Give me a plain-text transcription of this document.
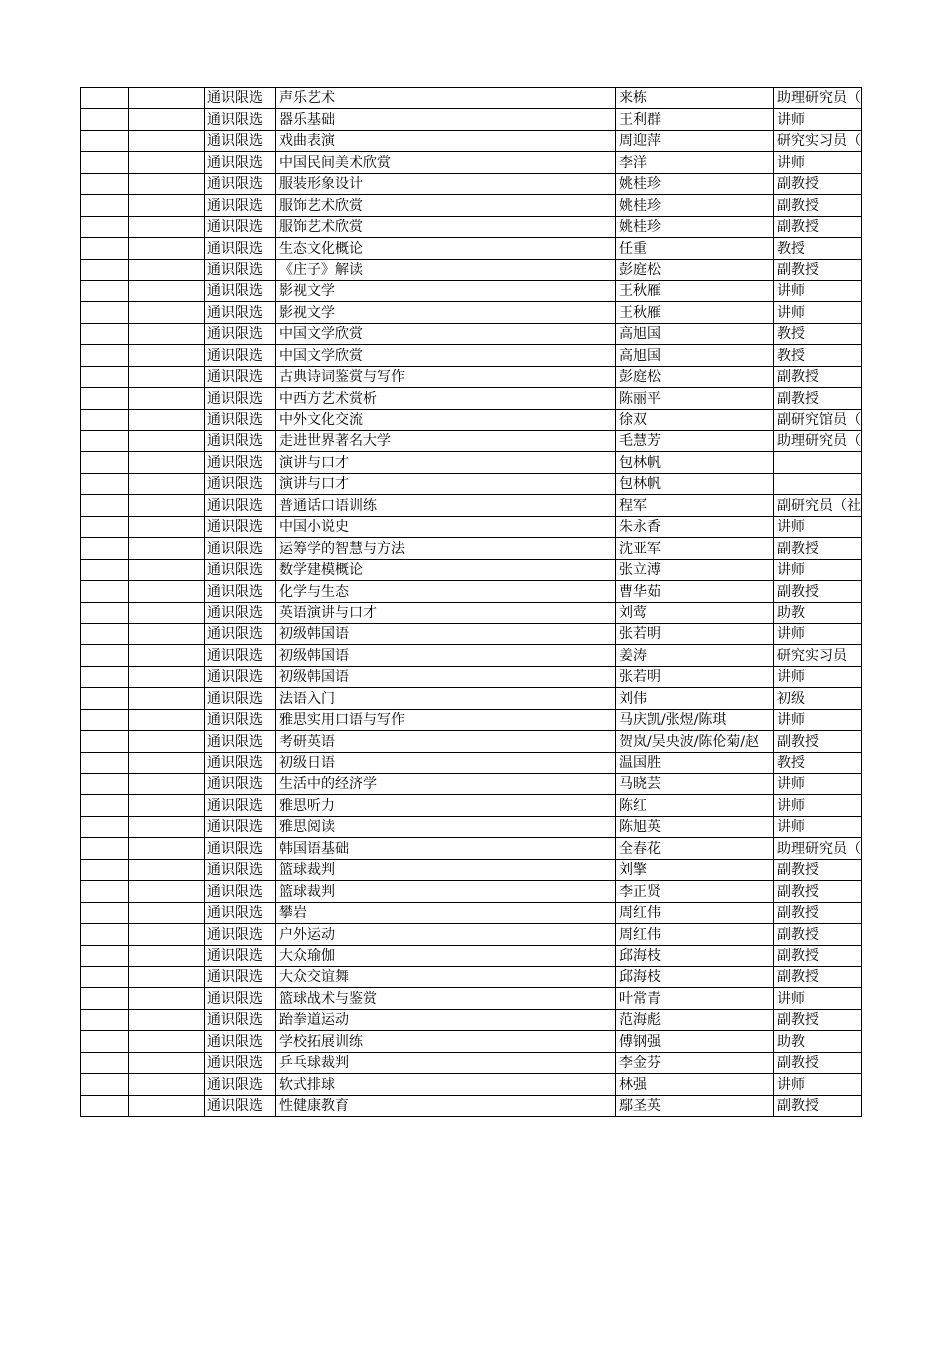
		通识限选	声乐艺术	来栋	助理研究员（
		通识限选	器乐基础	王利群	讲师
		通识限选	戏曲表演	周迎萍	研究实习员（
		通识限选	中国民间美术欣赏	李洋	讲师
		通识限选	服装形象设计	姚桂珍	副教授
		通识限选	服饰艺术欣赏	姚桂珍	副教授
		通识限选	服饰艺术欣赏	姚桂珍	副教授
		通识限选	生态文化概论	任重	教授
		通识限选	《庄子》解读	彭庭松	副教授
		通识限选	影视文学	王秋雁	讲师
		通识限选	影视文学	王秋雁	讲师
		通识限选	中国文学欣赏	高旭国	教授
		通识限选	中国文学欣赏	高旭国	教授
		通识限选	古典诗词鉴赏与写作	彭庭松	副教授
		通识限选	中西方艺术赏析	陈丽平	副教授
		通识限选	中外文化交流	徐双	副研究馆员（
		通识限选	走进世界著名大学	毛慧芳	助理研究员（
		通识限选	演讲与口才	包林帆	
		通识限选	演讲与口才	包林帆	
		通识限选	普通话口语训练	程军	副研究员（社
		通识限选	中国小说史	朱永香	讲师
		通识限选	运筹学的智慧与方法	沈亚军	副教授
		通识限选	数学建模概论	张立溥	讲师
		通识限选	化学与生态	曹华茹	副教授
		通识限选	英语演讲与口才	刘莺	助教
		通识限选	初级韩国语	张若明	讲师
		通识限选	初级韩国语	姜涛	研究实习员
		通识限选	初级韩国语	张若明	讲师
		通识限选	法语入门	刘伟	初级
		通识限选	雅思实用口语与写作	马庆凯/张煜/陈琪	讲师
		通识限选	考研英语	贺岚/吴央波/陈伦菊/赵	副教授
		通识限选	初级日语	温国胜	教授
		通识限选	生活中的经济学	马晓芸	讲师
		通识限选	雅思听力	陈红	讲师
		通识限选	雅思阅读	陈旭英	讲师
		通识限选	韩国语基础	全春花	助理研究员（
		通识限选	篮球裁判	刘擎	副教授
		通识限选	篮球裁判	李正贤	副教授
		通识限选	攀岩	周红伟	副教授
		通识限选	户外运动	周红伟	副教授
		通识限选	大众瑜伽	邱海枝	副教授
		通识限选	大众交谊舞	邱海枝	副教授
		通识限选	篮球战术与鉴赏	叶常青	讲师
		通识限选	跆拳道运动	范海彪	副教授
		通识限选	学校拓展训练	傅钢强	助教
		通识限选	乒乓球裁判	李金芬	副教授
		通识限选	软式排球	林强	讲师
		通识限选	性健康教育	鄢圣英	副教授
